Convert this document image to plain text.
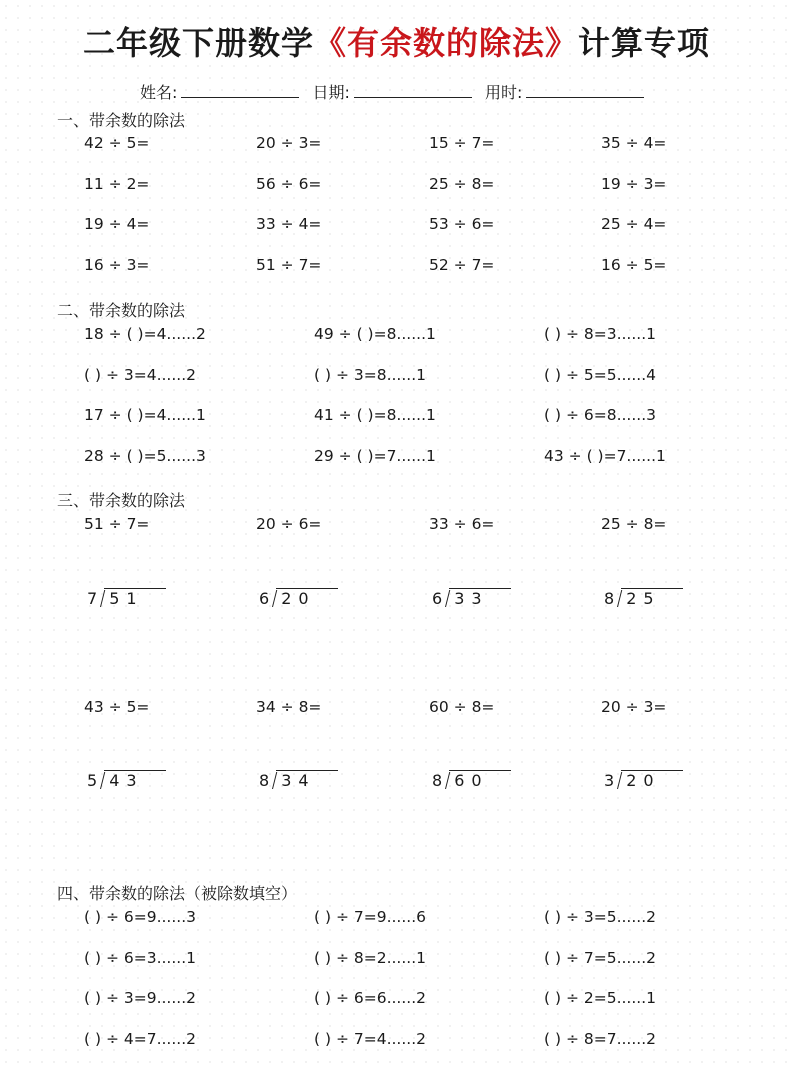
二年级下册数学《有余数的除法》计算专项
姓名:	日期:	用时:
一、带余数的除法
二、带余数的除法
三、带余数的除法
四、带余数的除法（被除数填空）
42 ÷ 5=	20 ÷ 3=	15 ÷ 7=	35 ÷ 4=
11 ÷ 2=	56 ÷ 6=	25 ÷ 8=	19 ÷ 3=
19 ÷ 4=	33 ÷ 4=	53 ÷ 6=	25 ÷ 4=
16 ÷ 3=	51 ÷ 7=	52 ÷ 7=	16 ÷ 5=
18 ÷ ( )=4......2	49 ÷ ( )=8......1	( ) ÷ 8=3......1
( ) ÷ 3=4......2	( ) ÷ 3=8......1	( ) ÷ 5=5......4
17 ÷ ( )=4......1	41 ÷ ( )=8......1	( ) ÷ 6=8......3
28 ÷ ( )=5......3	29 ÷ ( )=7......1	43 ÷ ( )=7......1
51 ÷ 7=	20 ÷ 6=	33 ÷ 6=	25 ÷ 8=
43 ÷ 5=	34 ÷ 8=	60 ÷ 8=	20 ÷ 3=
7 51	6 20	6 33	8 25
5 43	8 34	8 60	3 20
( ) ÷ 6=9......3	( ) ÷ 7=9......6	( ) ÷ 3=5......2
( ) ÷ 6=3......1	( ) ÷ 8=2......1	( ) ÷ 7=5......2
( ) ÷ 3=9......2	( ) ÷ 6=6......2	( ) ÷ 2=5......1
( ) ÷ 4=7......2	( ) ÷ 7=4......2	( ) ÷ 8=7......2
